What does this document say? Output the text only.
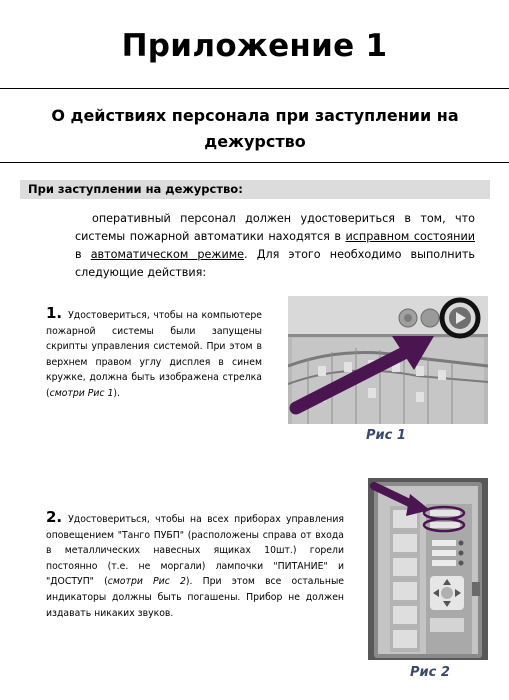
Приложение 1
О действиях персонала при заступлении на дежурство
При заступлении на дежурство:
оперативный персонал должен удостовериться в том, что системы пожарной автоматики находятся в исправном состоянии в автоматическом режиме. Для этого необходимо выполнить следующие действия:
1. Удостовериться, чтобы на компьютере пожарной системы были запущены скрипты управления системой. При этом в верхнем правом углу дисплея в синем кружке, должна быть изображена стрелка (смотри Рис 1).
Рис 1
2. Удостовериться, чтобы на всех приборах управления оповещением "Танго ПУБП" (расположены справа от входа в металлических навесных ящиках 10шт.) горели постоянно (т.е. не моргали) лампочки "ПИТАНИЕ" и "ДОСТУП" (смотри Рис 2). При этом все остальные индикаторы должны быть погашены. Прибор не должен издавать никаких звуков.
Рис 2
